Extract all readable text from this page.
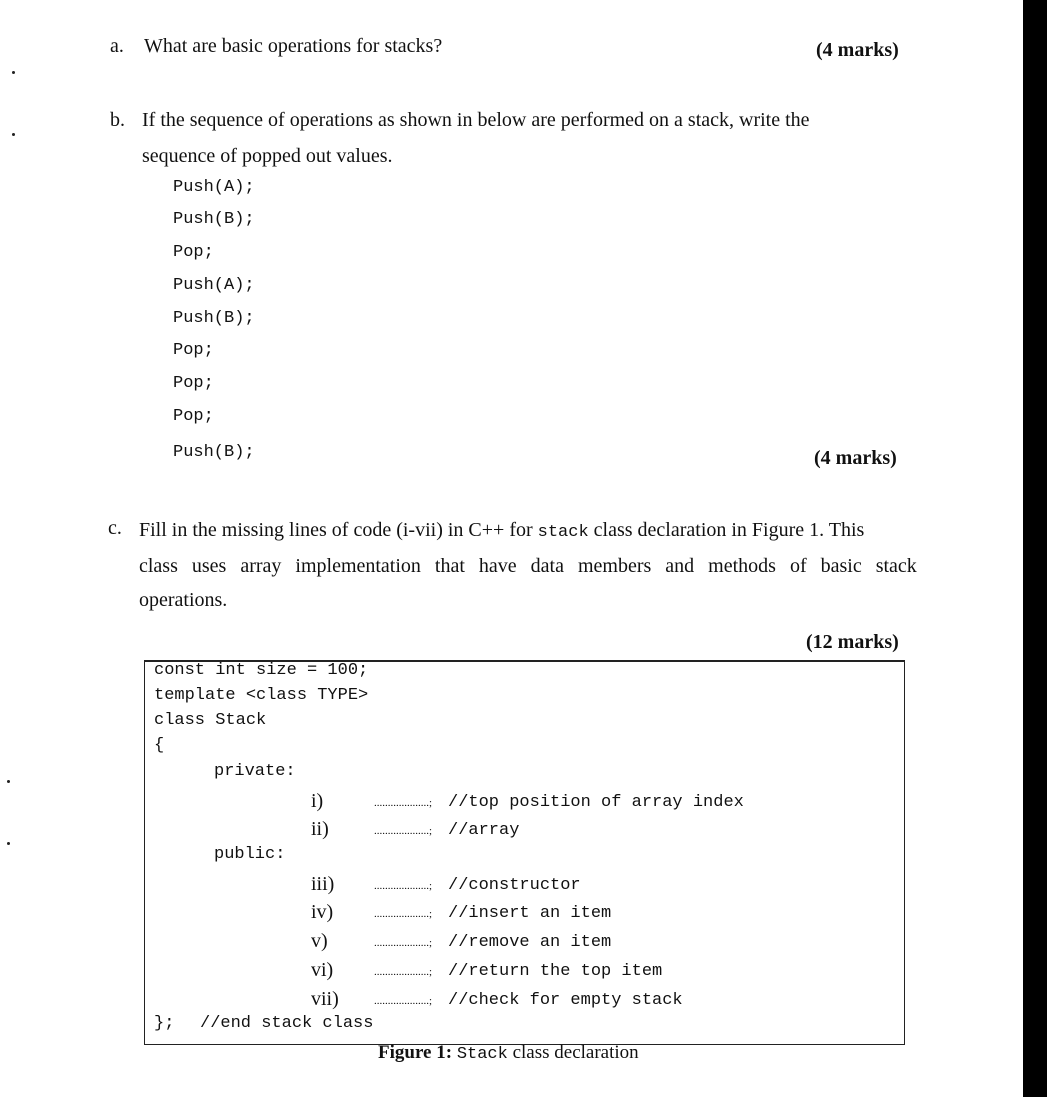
a. What are basic operations for stacks?	(4 marks)
b. If the sequence of operations as shown in below are performed on a stack, write the
sequence of popped out values.
Push(A);
Push(B);
Pop;
Push(A);
Push(B);
Pop;
Pop;
Pop;
Push(B);	(4 marks)
c. Fill in the missing lines of code (i-vii) in C++ for stack class declaration in Figure 1. This
class uses array implementation that have data members and methods of basic stack
operations.
(12 marks)
const int size = 100;
template <class TYPE>
class Stack
{
private:
i)	....................; //top position of array index
ii)	....................; //array
public:
iii)	....................; //constructor
iv)	....................; //insert an item
v)	....................; //remove an item
vi)	....................; //return the top item
vii)	....................; //check for empty stack
}; //end stack class
Figure 1: Stack class declaration
